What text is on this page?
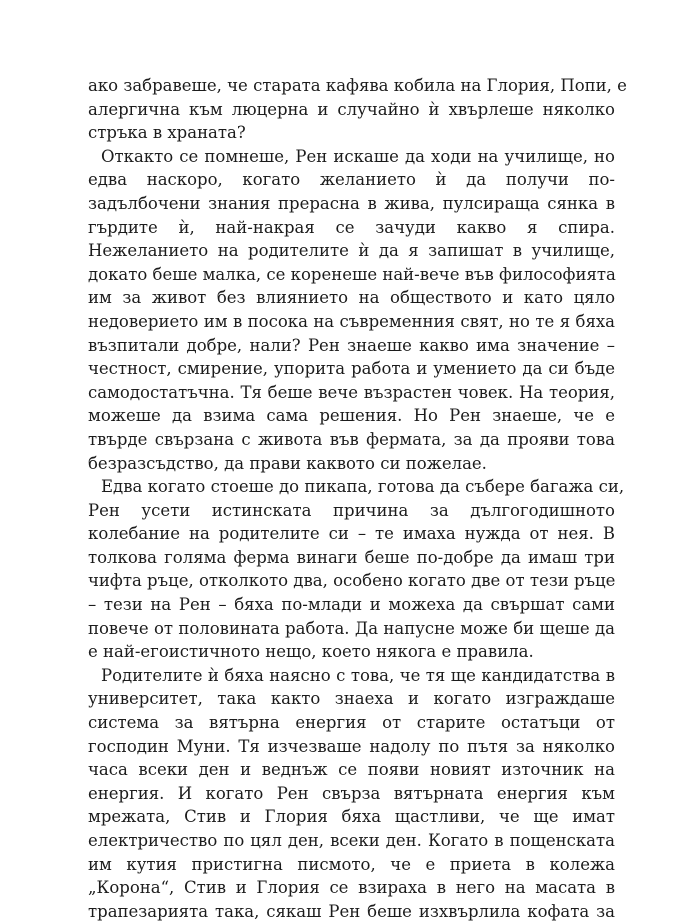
ако забравеше, че старата кафява кобила на Глория, Попи, е
алергична към люцерна и случайно ѝ хвърлеше няколко
стръка в храната?
Откакто се помнеше, Рен искаше да ходи на училище, но
едва наскоро, когато желанието ѝ да получи по-
задълбочени знания прерасна в жива, пулсираща сянка в
гърдите ѝ, най-накрая се зачуди какво я спира.
Нежеланието на родителите ѝ да я запишат в училище,
докато беше малка, се коренеше най-вече във философията
им за живот без влиянието на обществото и като цяло
недоверието им в посока на съвременния свят, но те я бяха
възпитали добре, нали? Рен знаеше какво има значение –
честност, смирение, упорита работа и умението да си бъде
самодостатъчна. Тя беше вече възрастен човек. На теория,
можеше да взима сама решения. Но Рен знаеше, че е
твърде свързана с живота във фермата, за да прояви това
безразсъдство, да прави каквото си пожелае.
Едва когато стоеше до пикапа, готова да събере багажа си,
Рен усети истинската причина за дългогодишното
колебание на родителите си – те имаха нужда от нея. В
толкова голяма ферма винаги беше по-добре да имаш три
чифта ръце, отколкото два, особено когато две от тези ръце
– тези на Рен – бяха по-млади и можеха да свършат сами
повече от половината работа. Да напусне може би щеше да
е най-егоистичното нещо, което някога е правила.
Родителите ѝ бяха наясно с това, че тя ще кандидатства в
университет, така както знаеха и когато изграждаше
система за вятърна енергия от старите остатъци от
господин Муни. Тя изчезваше надолу по пътя за няколко
часа всеки ден и веднъж се появи новият източник на
енергия. И когато Рен свърза вятърната енергия към
мрежата, Стив и Глория бяха щастливи, че ще имат
електричество по цял ден, всеки ден. Когато в пощенската
им кутия пристигна писмото, че е приета в колежа
„Корона“, Стив и Глория се взираха в него на масата в
трапезарията така, сякаш Рен беше изхвърлила кофата за
